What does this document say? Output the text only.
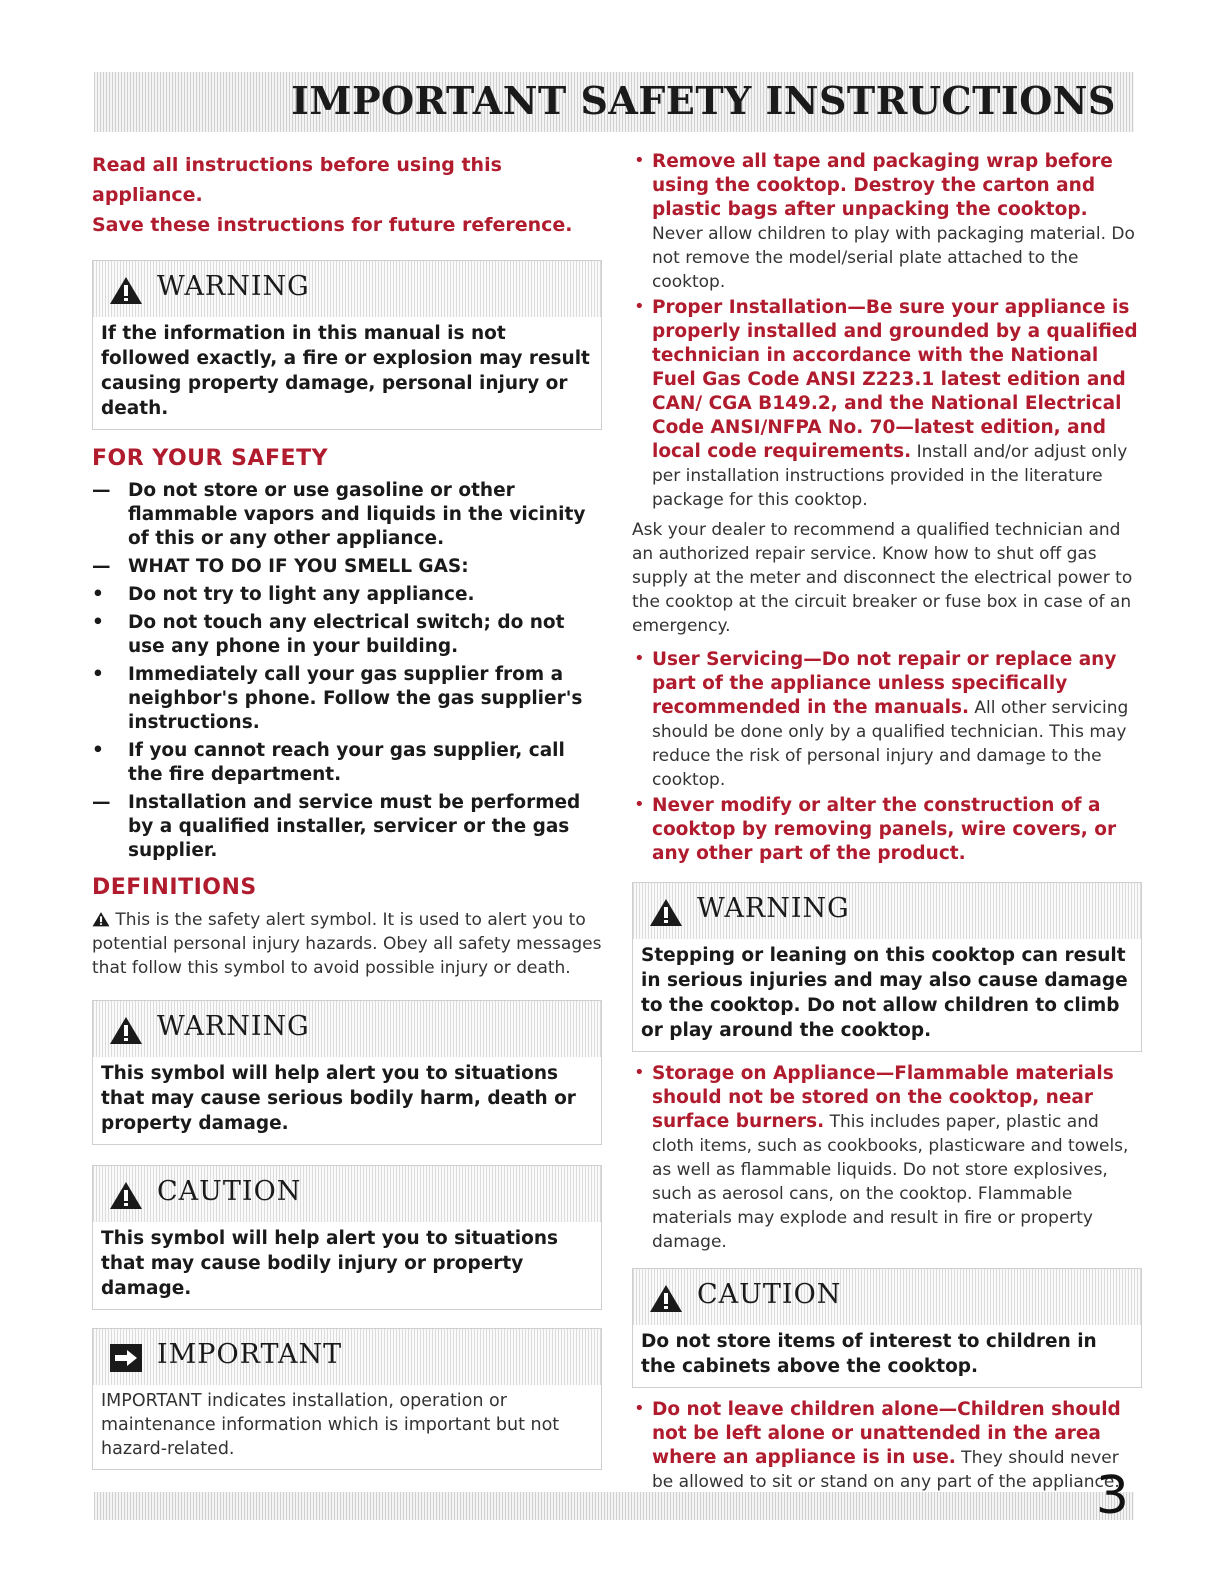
IMPORTANT SAFETY INSTRUCTIONS
Read all instructions before using this appliance.
Save these instructions for future reference.
WARNING
If the information in this manual is not followed exactly, a fire or explosion may result causing property damage, personal injury or death.
FOR YOUR SAFETY
— Do not store or use gasoline or other flammable vapors and liquids in the vicinity of this or any other appliance.
— WHAT TO DO IF YOU SMELL GAS:
•	Do not try to light any appliance.
•	Do not touch any electrical switch; do not use any phone in your building.
•	Immediately call your gas supplier from a neighbor's phone. Follow the gas supplier's instructions.
•	If you cannot reach your gas supplier, call the fire department.
— Installation and service must be performed by a qualified installer, servicer or the gas supplier.
DEFINITIONS
This is the safety alert symbol. It is used to alert you to potential personal injury hazards. Obey all safety messages that follow this symbol to avoid possible injury or death.
WARNING
This symbol will help alert you to situations that may cause serious bodily harm, death or property damage.
CAUTION
This symbol will help alert you to situations that may cause bodily injury or property damage.
IMPORTANT
IMPORTANT indicates installation, operation or maintenance information which is important but not hazard-related.
• Remove all tape and packaging wrap before using the cooktop. Destroy the carton and plastic bags after unpacking the cooktop. Never allow children to play with packaging material. Do not remove the model/serial plate attached to the cooktop.
• Proper Installation—Be sure your appliance is properly installed and grounded by a qualified technician in accordance with the National Fuel Gas Code ANSI Z223.1 latest edition and CAN/ CGA B149.2, and the National Electrical Code ANSI/NFPA No. 70—latest edition, and local code requirements. Install and/or adjust only per installation instructions provided in the literature package for this cooktop.
Ask your dealer to recommend a qualified technician and an authorized repair service. Know how to shut off gas supply at the meter and disconnect the electrical power to the cooktop at the circuit breaker or fuse box in case of an emergency.
• User Servicing—Do not repair or replace any part of the appliance unless specifically recommended in the manuals. All other servicing should be done only by a qualified technician. This may reduce the risk of personal injury and damage to the cooktop.
• Never modify or alter the construction of a cooktop by removing panels, wire covers, or any other part of the product.
WARNING
Stepping or leaning on this cooktop can result in serious injuries and may also cause damage to the cooktop. Do not allow children to climb or play around the cooktop.
• Storage on Appliance—Flammable materials should not be stored on the cooktop, near surface burners. This includes paper, plastic and cloth items, such as cookbooks, plasticware and towels, as well as flammable liquids. Do not store explosives, such as aerosol cans, on the cooktop. Flammable materials may explode and result in fire or property damage.
CAUTION
Do not store items of interest to children in the cabinets above the cooktop.
• Do not leave children alone—Children should not be left alone or unattended in the area where an appliance is in use. They should never be allowed to sit or stand on any part of the appliance.
3
